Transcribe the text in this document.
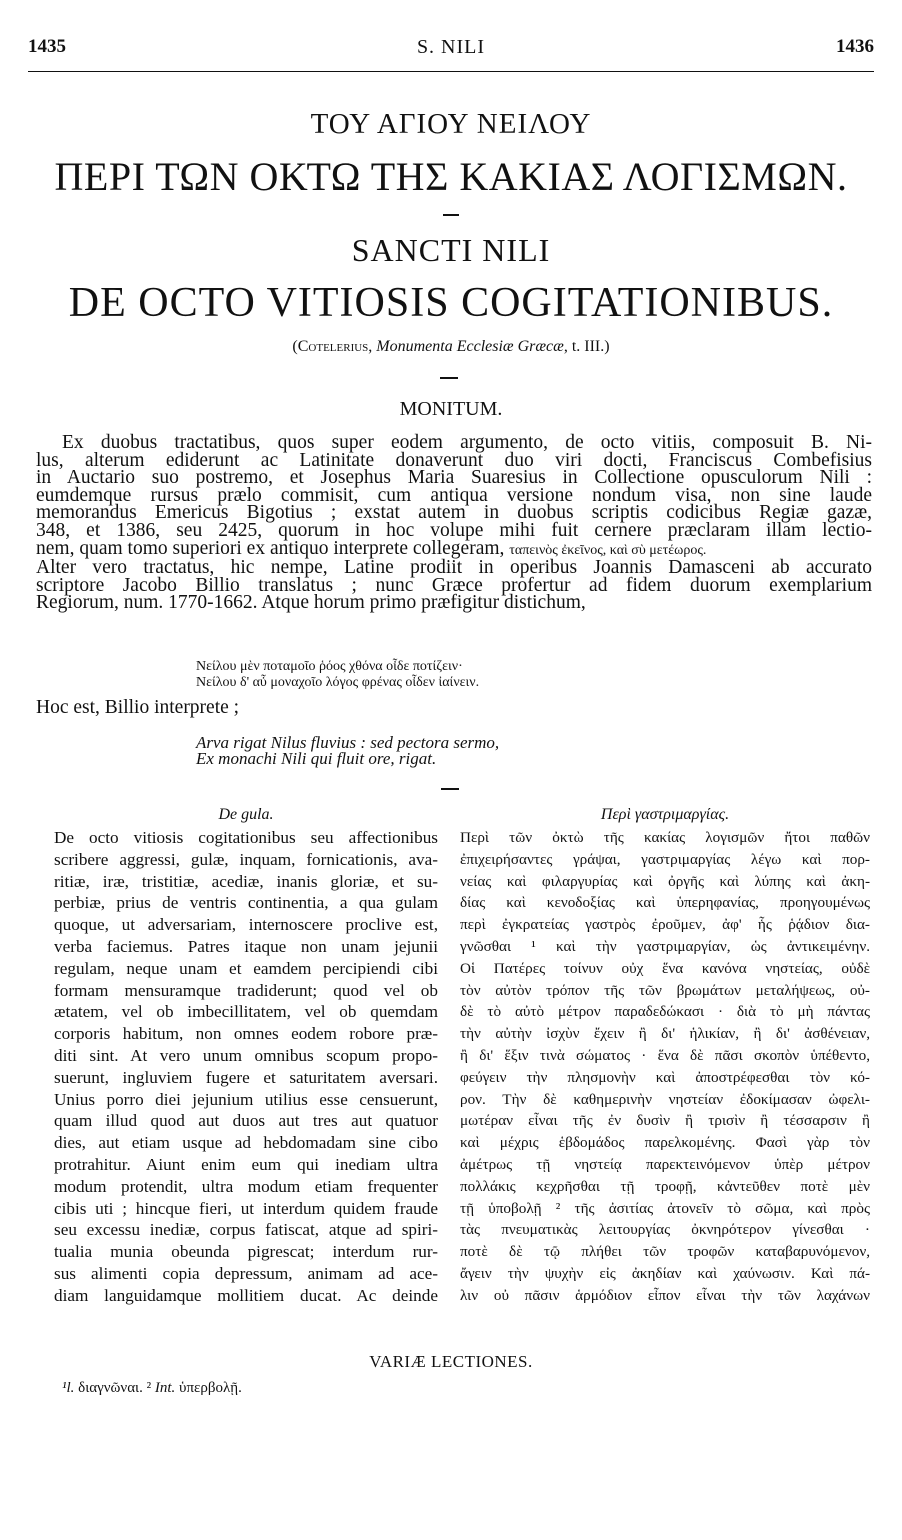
1435	S. NILI	1436
ΤΟΥ ΑΓΙΟΥ ΝΕΙΛΟΥ
ΠΕΡΙ ΤΩΝ ΟΚΤΩ ΤΗΣ ΚΑΚΙΑΣ ΛΟΓΙΣΜΩΝ.
SANCTI NILI
DE OCTO VITIOSIS COGITATIONIBUS.
(Cotelerius, Monumenta Ecclesiæ Græcæ, t. III.)
MONITUM.
Ex duobus tractatibus, quos super eodem argumento, de octo vitiis, composuit B. Ni-
lus, alterum ediderunt ac Latinitate donaverunt duo viri docti, Franciscus Combefisius
in Auctario suo postremo, et Josephus Maria Suaresius in Collectione opusculorum Nili :
eumdemque rursus prælo commisit, cum antiqua versione nondum visa, non sine laude
memorandus Emericus Bigotius ; exstat autem in duobus scriptis codicibus Regiæ gazæ,
348, et 1386, seu 2425, quorum in hoc volupe mihi fuit cernere præclaram illam lectio-
nem, quam tomo superiori ex antiquo interprete collegeram, ταπεινὸς ἐκεῖνος, καὶ σὺ μετέωρος.
Alter vero tractatus, hic nempe, Latine prodiit in operibus Joannis Damasceni ab accurato
scriptore Jacobo Billio translatus ; nunc Græce profertur ad fidem duorum exemplarium
Regiorum, num. 1770-1662. Atque horum primo præfigitur distichum,
Νείλου μὲν ποταμοῖο ῥόος χθόνα οἶδε ποτίζειν·
Νείλου δ' αὖ μοναχοῖο λόγος φρένας οἶδεν ἰαίνειν.
Hoc est, Billio interprete ;
Arva rigat Nilus fluvius : sed pectora sermo,
Ex monachi Nili qui fluit ore, rigat.
De gula.
De octo vitiosis cogitationibus seu affectionibus
scribere aggressi, gulæ, inquam, fornicationis, ava-
ritiæ, iræ, tristitiæ, acediæ, inanis gloriæ, et su-
perbiæ, prius de ventris continentia, a qua gulam
quoque, ut adversariam, internoscere proclive est,
verba faciemus. Patres itaque non unam jejunii
regulam, neque unam et eamdem percipiendi cibi
formam mensuramque tradiderunt; quod vel ob
ætatem, vel ob imbecillitatem, vel ob quemdam
corporis habitum, non omnes eodem robore præ-
diti sint. At vero unum omnibus scopum propo-
suerunt, ingluviem fugere et saturitatem aversari.
Unius porro diei jejunium utilius esse censuerunt,
quam illud quod aut duos aut tres aut quatuor
dies, aut etiam usque ad hebdomadam sine cibo
protrahitur. Aiunt enim eum qui inediam ultra
modum protendit, ultra modum etiam frequenter
cibis uti ; hincque fieri, ut interdum quidem fraude
seu excessu inediæ, corpus fatiscat, atque ad spiri-
tualia munia obeunda pigrescat; interdum rur-
sus alimenti copia depressum, animam ad ace-
diam languidamque mollitiem ducat. Ac deinde
Περὶ γαστριμαργίας.
Περὶ τῶν ὀκτὼ τῆς κακίας λογισμῶν ἤτοι παθῶν
ἐπιχειρήσαντες γράψαι, γαστριμαργίας λέγω καὶ πορ-
νείας καὶ φιλαργυρίας καὶ ὀργῆς καὶ λύπης καὶ ἀκη-
δίας καὶ κενοδοξίας καὶ ὑπερηφανίας, προηγουμένως
περὶ ἐγκρατείας γαστρὸς ἐροῦμεν, ἀφ' ἧς ῥᾴδιον δια-
γνῶσθαι ¹ καὶ τὴν γαστριμαργίαν, ὡς ἀντικειμένην.
Οἱ Πατέρες τοίνυν οὐχ ἕνα κανόνα νηστείας, οὐδὲ
τὸν αὐτὸν τρόπον τῆς τῶν βρωμάτων μεταλήψεως, οὐ-
δὲ τὸ αὐτὸ μέτρον παραδεδώκασι · διὰ τὸ μὴ πάντας
τὴν αὐτὴν ἰσχὺν ἔχειν ἢ δι' ἡλικίαν, ἢ δι' ἀσθένειαν,
ἢ δι' ἕξιν τινὰ σώματος · ἕνα δὲ πᾶσι σκοπὸν ὑπέθεντο,
φεύγειν τὴν πλησμονὴν καὶ ἀποστρέφεσθαι τὸν κό-
ρον. Τὴν δὲ καθημερινὴν νηστείαν ἐδοκίμασαν ὠφελι-
μωτέραν εἶναι τῆς ἐν δυσὶν ἢ τρισὶν ἢ τέσσαρσιν ἢ
καὶ μέχρις ἑβδομάδος παρελκομένης. Φασὶ γὰρ τὸν
ἀμέτρως τῇ νηστείᾳ παρεκτεινόμενον ὑπὲρ μέτρον
πολλάκις κεχρῆσθαι τῇ τροφῇ, κἀντεῦθεν ποτὲ μὲν
τῇ ὑποβολῇ ² τῆς ἀσιτίας ἀτονεῖν τὸ σῶμα, καὶ πρὸς
τὰς πνευματικὰς λειτουργίας ὀκνηρότερον γίνεσθαι ·
ποτὲ δὲ τῷ πλήθει τῶν τροφῶν καταβαρυνόμενον,
ἄγειν τὴν ψυχὴν εἰς ἀκηδίαν καὶ χαύνωσιν. Καὶ πά-
λιν οὐ πᾶσιν ἁρμόδιον εἶπον εἶναι τὴν τῶν λαχάνων
VARIÆ LECTIONES.
¹l. διαγνῶναι. ² Int. ὑπερβολῇ.
